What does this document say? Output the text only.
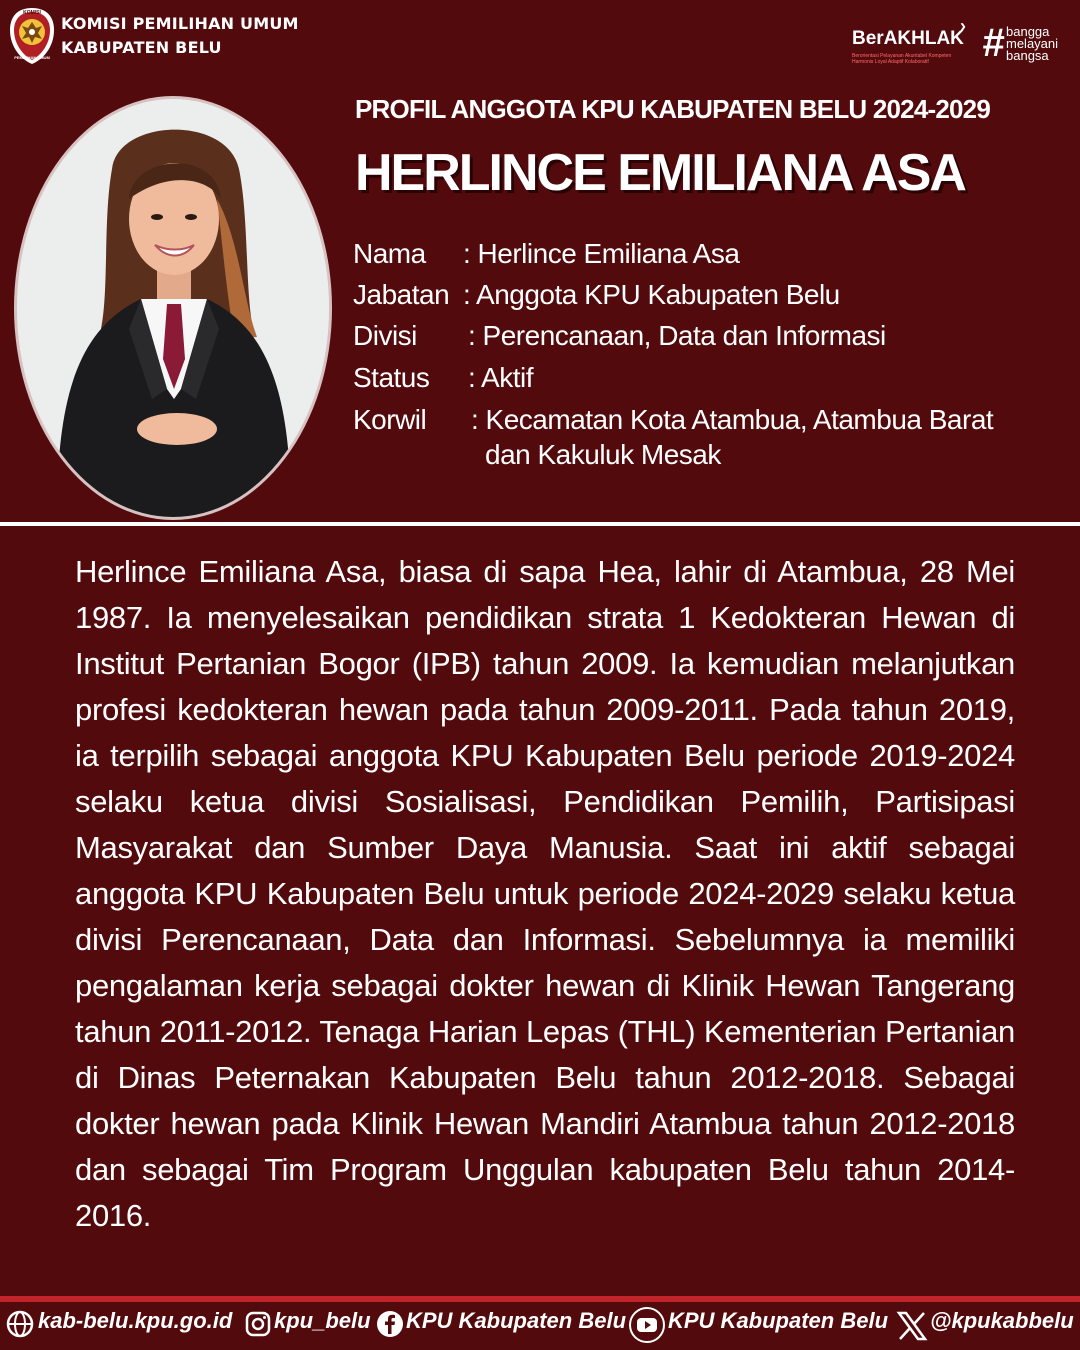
KOMISI
PEMILIHAN UMUM
KOMISI PEMILIHAN UMUM
KABUPATEN BELU	BerAKHLAK
›
Berorientasi Pelayanan Akuntabel Kompeten Harmonis Loyal Adaptif Kolaboratif	# bangga
melayani
bangsa
PROFIL ANGGOTA KPU KABUPATEN BELU 2024-2029
HERLINCE EMILIANA ASA
Nama : Herlince Emiliana Asa
Jabatan : Anggota KPU Kabupaten Belu
Divisi : Perencanaan, Data dan Informasi
Status : Aktif
Korwil : Kecamatan Kota Atambua, Atambua Barat
dan Kakuluk Mesak

Herlince Emiliana Asa, biasa di sapa Hea, lahir di Atambua, 28 Mei 1987. Ia menyelesaikan pendidikan strata 1 Kedokteran Hewan di Institut Pertanian Bogor (IPB) tahun 2009. Ia kemudian melanjutkan profesi kedokteran hewan pada tahun 2009-2011. Pada tahun 2019, ia terpilih sebagai anggota KPU Kabupaten Belu periode 2019-2024 selaku ketua divisi Sosialisasi, Pendidikan Pemilih, Partisipasi Masyarakat dan Sumber Daya Manusia. Saat ini aktif sebagai anggota KPU Kabupaten Belu untuk periode 2024-2029 selaku ketua divisi Perencanaan, Data dan Informasi. Sebelumnya ia memiliki pengalaman kerja sebagai dokter hewan di Klinik Hewan Tangerang tahun 2011-2012. Tenaga Harian Lepas (THL) Kementerian Pertanian di Dinas Peternakan Kabupaten Belu tahun 2012-2018. Sebagai dokter hewan pada Klinik Hewan Mandiri Atambua tahun 2012-2018 dan sebagai Tim Program Unggulan kabupaten Belu tahun 2014-2016.

kab-belu.kpu.go.id kpu_belu KPU Kabupaten Belu KPU Kabupaten Belu @kpukabbelu
